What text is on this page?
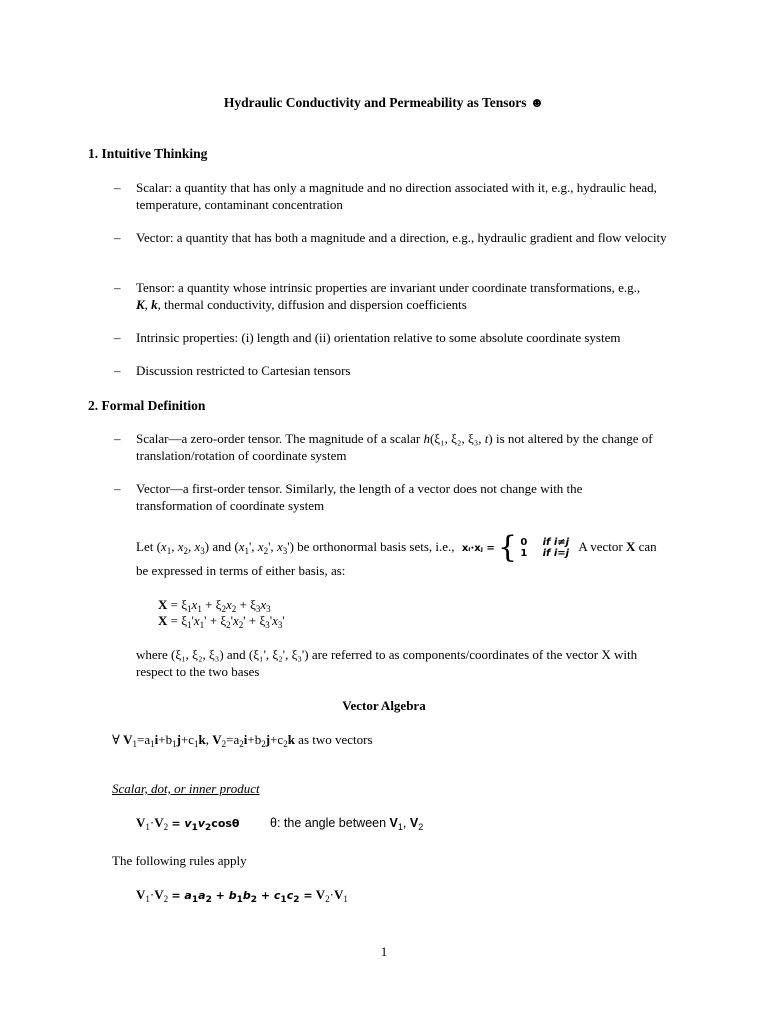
Hydraulic Conductivity and Permeability as Tensors ☻
1. Intuitive Thinking
– Scalar: a quantity that has only a magnitude and no direction associated with it, e.g., hydraulic head, temperature, contaminant concentration
– Vector: a quantity that has both a magnitude and a direction, e.g., hydraulic gradient and flow velocity
– Tensor: a quantity whose intrinsic properties are invariant under coordinate transformations, e.g.,
K, k, thermal conductivity, diffusion and dispersion coefficients
– Intrinsic properties: (i) length and (ii) orientation relative to some absolute coordinate system
– Discussion restricted to Cartesian tensors
2. Formal Definition
– Scalar—a zero-order tensor. The magnitude of a scalar h(ξ₁, ξ₂, ξ₃, t) is not altered by the change of translation/rotation of coordinate system
– Vector—a first-order tensor. Similarly, the length of a vector does not change with the
transformation of coordinate system
Let ($x_1$, $x_2$, $x_3$) and ($x_1'$, $x_2'$, $x_3'$) be orthonormal basis sets, i.e., xᵢ·xⱼ = { 0
1 if i≠j
if i=j A vector X can
be expressed in terms of either basis, as:
$X = \xi_1x_1 + \xi_2x_2 + \xi_3x_3$
$X = \xi_1'x_1' + \xi_2'x_2' + \xi_3'x_3'$
where (ξ₁, ξ₂, ξ₃) and (ξ₁', ξ₂', ξ₃') are referred to as components/coordinates of the vector X with
respect to the two bases
Vector Algebra
∀ $V_1=a_1i+b_1j+c_1k$, $V_2=a_2i+b_2j+c_2k$ as two vectors
Scalar, dot, or inner product
$V_1\cdot V_2 = v_1v_2\cos\theta$ θ: the angle between $V_1$, $V_2$
The following rules apply
$V_1\cdot V_2 = a_1a_2 + b_1b_2 + c_1c_2 = V_2\cdot V_1$
1
